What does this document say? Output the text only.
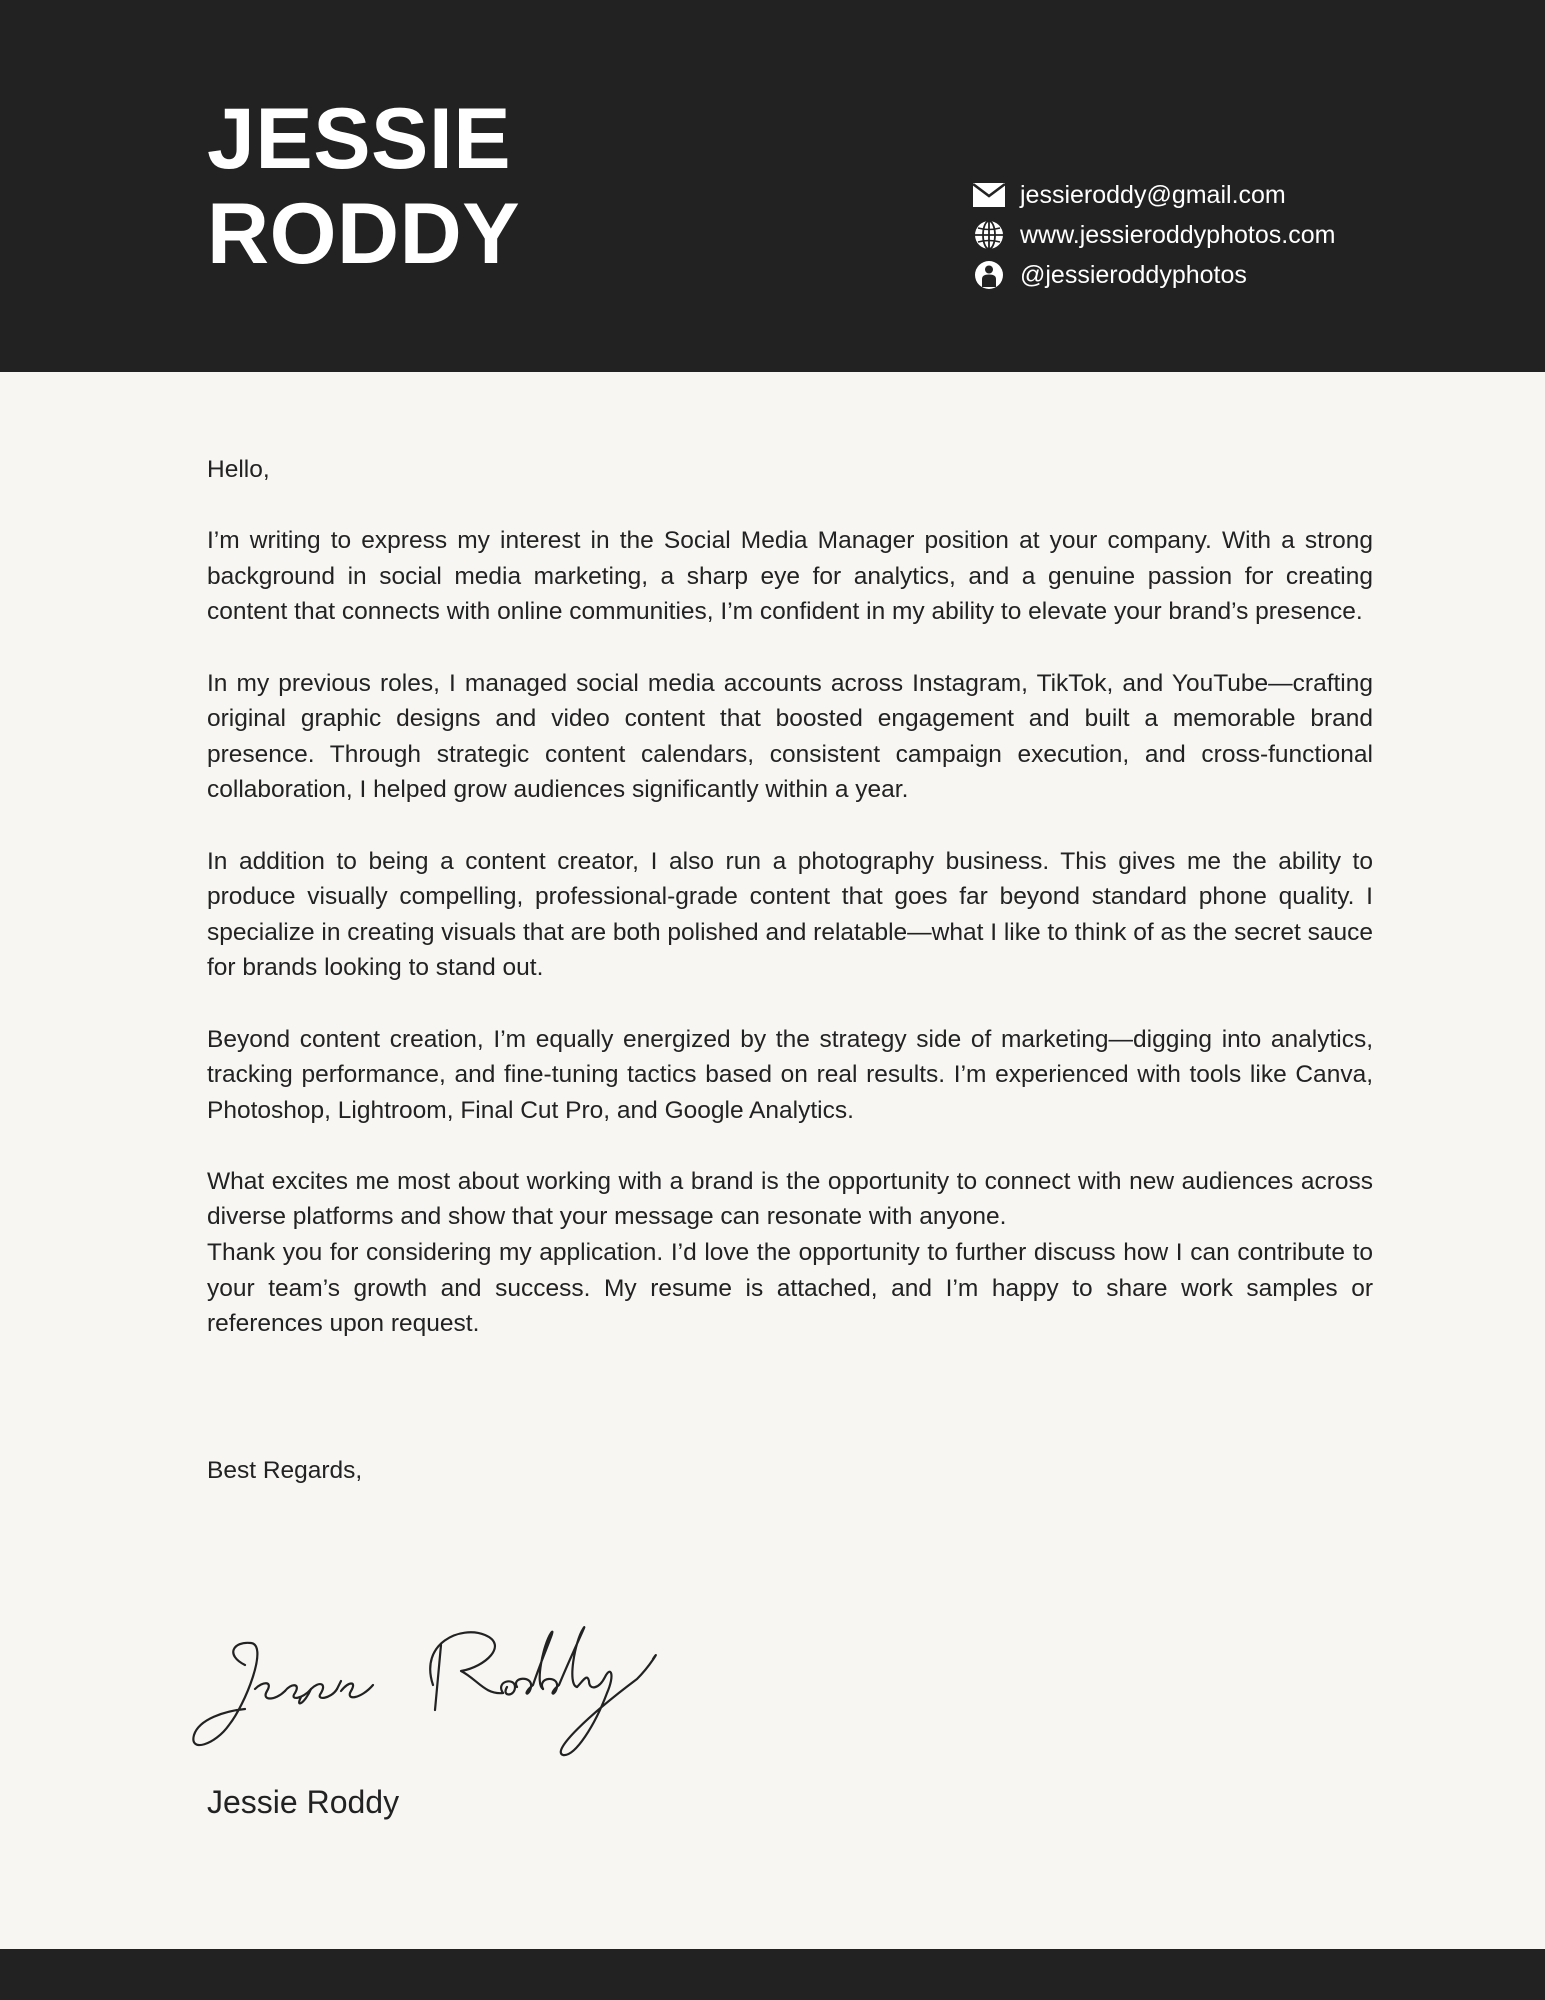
JESSIE
RODDY	jessieroddy@gmail.com
www.jessieroddyphotos.com
@jessieroddyphotos

Hello,

I’m writing to express my interest in the Social Media Manager position at your company. With a strong background in social media marketing, a sharp eye for analytics, and a genuine passion for creating content that connects with online communities, I’m confident in my ability to elevate your brand’s presence.

In my previous roles, I managed social media accounts across Instagram, TikTok, and YouTube—crafting original graphic designs and video content that boosted engagement and built a memorable brand presence. Through strategic content calendars, consistent campaign execution, and cross-functional collaboration, I helped grow audiences significantly within a year.

In addition to being a content creator, I also run a photography business. This gives me the ability to produce visually compelling, professional-grade content that goes far beyond standard phone quality. I specialize in creating visuals that are both polished and relatable—what I like to think of as the secret sauce for brands looking to stand out.

Beyond content creation, I’m equally energized by the strategy side of marketing—digging into analytics, tracking performance, and fine-tuning tactics based on real results. I’m experienced with tools like Canva, Photoshop, Lightroom, Final Cut Pro, and Google Analytics.

What excites me most about working with a brand is the opportunity to connect with new audiences across diverse platforms and show that your message can resonate with anyone.

Thank you for considering my application. I’d love the opportunity to further discuss how I can contribute to your team’s growth and success. My resume is attached, and I’m happy to share work samples or references upon request.

Best Regards,
Jessie Roddy
